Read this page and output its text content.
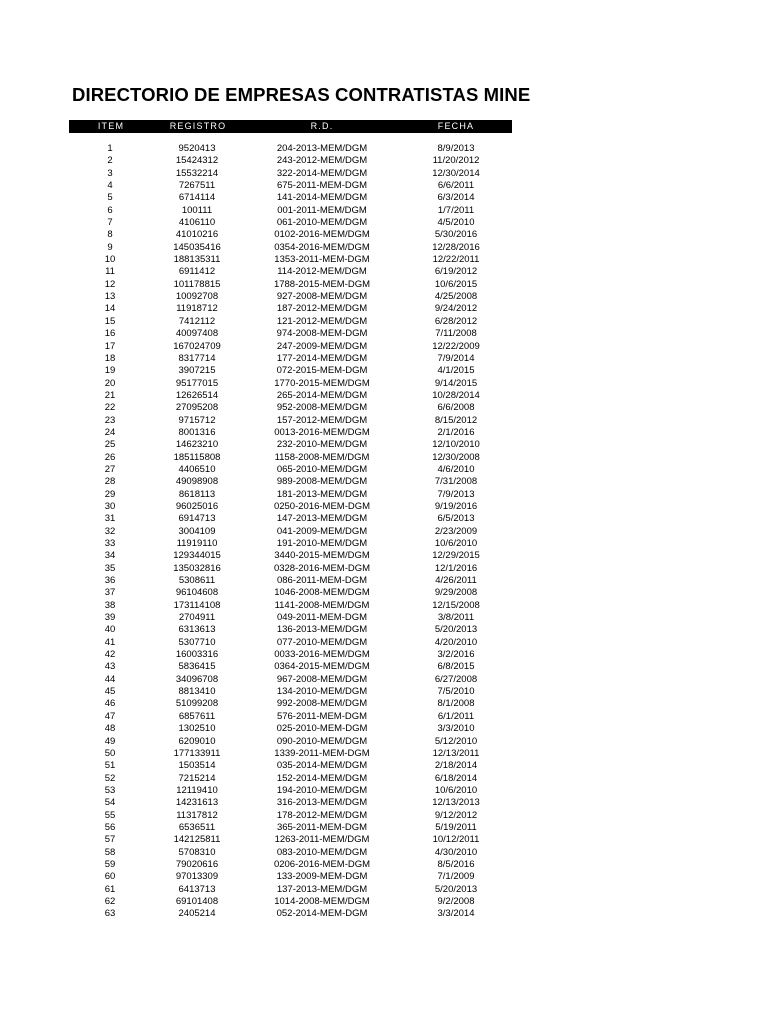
DIRECTORIO DE EMPRESAS CONTRATISTAS MINE
ITEM	REGISTRO	R.D.	FECHA
1	9520413	204-2013-MEM/DGM	8/9/2013
2	15424312	243-2012-MEM/DGM	11/20/2012
3	15532214	322-2014-MEM/DGM	12/30/2014
4	7267511	675-2011-MEM-DGM	6/6/2011
5	6714114	141-2014-MEM/DGM	6/3/2014
6	100111	001-2011-MEM/DGM	1/7/2011
7	4106110	061-2010-MEM/DGM	4/5/2010
8	41010216	0102-2016-MEM/DGM	5/30/2016
9	145035416	0354-2016-MEM/DGM	12/28/2016
10	188135311	1353-2011-MEM-DGM	12/22/2011
11	6911412	114-2012-MEM/DGM	6/19/2012
12	101178815	1788-2015-MEM-DGM	10/6/2015
13	10092708	927-2008-MEM/DGM	4/25/2008
14	11918712	187-2012-MEM/DGM	9/24/2012
15	7412112	121-2012-MEM/DGM	6/28/2012
16	40097408	974-2008-MEM-DGM	7/11/2008
17	167024709	247-2009-MEM/DGM	12/22/2009
18	8317714	177-2014-MEM/DGM	7/9/2014
19	3907215	072-2015-MEM-DGM	4/1/2015
20	95177015	1770-2015-MEM/DGM	9/14/2015
21	12626514	265-2014-MEM/DGM	10/28/2014
22	27095208	952-2008-MEM/DGM	6/6/2008
23	9715712	157-2012-MEM/DGM	8/15/2012
24	8001316	0013-2016-MEM/DGM	2/1/2016
25	14623210	232-2010-MEM/DGM	12/10/2010
26	185115808	1158-2008-MEM/DGM	12/30/2008
27	4406510	065-2010-MEM/DGM	4/6/2010
28	49098908	989-2008-MEM/DGM	7/31/2008
29	8618113	181-2013-MEM/DGM	7/9/2013
30	96025016	0250-2016-MEM-DGM	9/19/2016
31	6914713	147-2013-MEM/DGM	6/5/2013
32	3004109	041-2009-MEM/DGM	2/23/2009
33	11919110	191-2010-MEM/DGM	10/6/2010
34	129344015	3440-2015-MEM/DGM	12/29/2015
35	135032816	0328-2016-MEM-DGM	12/1/2016
36	5308611	086-2011-MEM-DGM	4/26/2011
37	96104608	1046-2008-MEM/DGM	9/29/2008
38	173114108	1141-2008-MEM/DGM	12/15/2008
39	2704911	049-2011-MEM-DGM	3/8/2011
40	6313613	136-2013-MEM/DGM	5/20/2013
41	5307710	077-2010-MEM/DGM	4/20/2010
42	16003316	0033-2016-MEM/DGM	3/2/2016
43	5836415	0364-2015-MEM/DGM	6/8/2015
44	34096708	967-2008-MEM/DGM	6/27/2008
45	8813410	134-2010-MEM/DGM	7/5/2010
46	51099208	992-2008-MEM/DGM	8/1/2008
47	6857611	576-2011-MEM-DGM	6/1/2011
48	1302510	025-2010-MEM-DGM	3/3/2010
49	6209010	090-2010-MEM/DGM	5/12/2010
50	177133911	1339-2011-MEM-DGM	12/13/2011
51	1503514	035-2014-MEM/DGM	2/18/2014
52	7215214	152-2014-MEM/DGM	6/18/2014
53	12119410	194-2010-MEM/DGM	10/6/2010
54	14231613	316-2013-MEM/DGM	12/13/2013
55	11317812	178-2012-MEM/DGM	9/12/2012
56	6536511	365-2011-MEM-DGM	5/19/2011
57	142125811	1263-2011-MEM/DGM	10/12/2011
58	5708310	083-2010-MEM/DGM	4/30/2010
59	79020616	0206-2016-MEM-DGM	8/5/2016
60	97013309	133-2009-MEM-DGM	7/1/2009
61	6413713	137-2013-MEM/DGM	5/20/2013
62	69101408	1014-2008-MEM/DGM	9/2/2008
63	2405214	052-2014-MEM-DGM	3/3/2014
